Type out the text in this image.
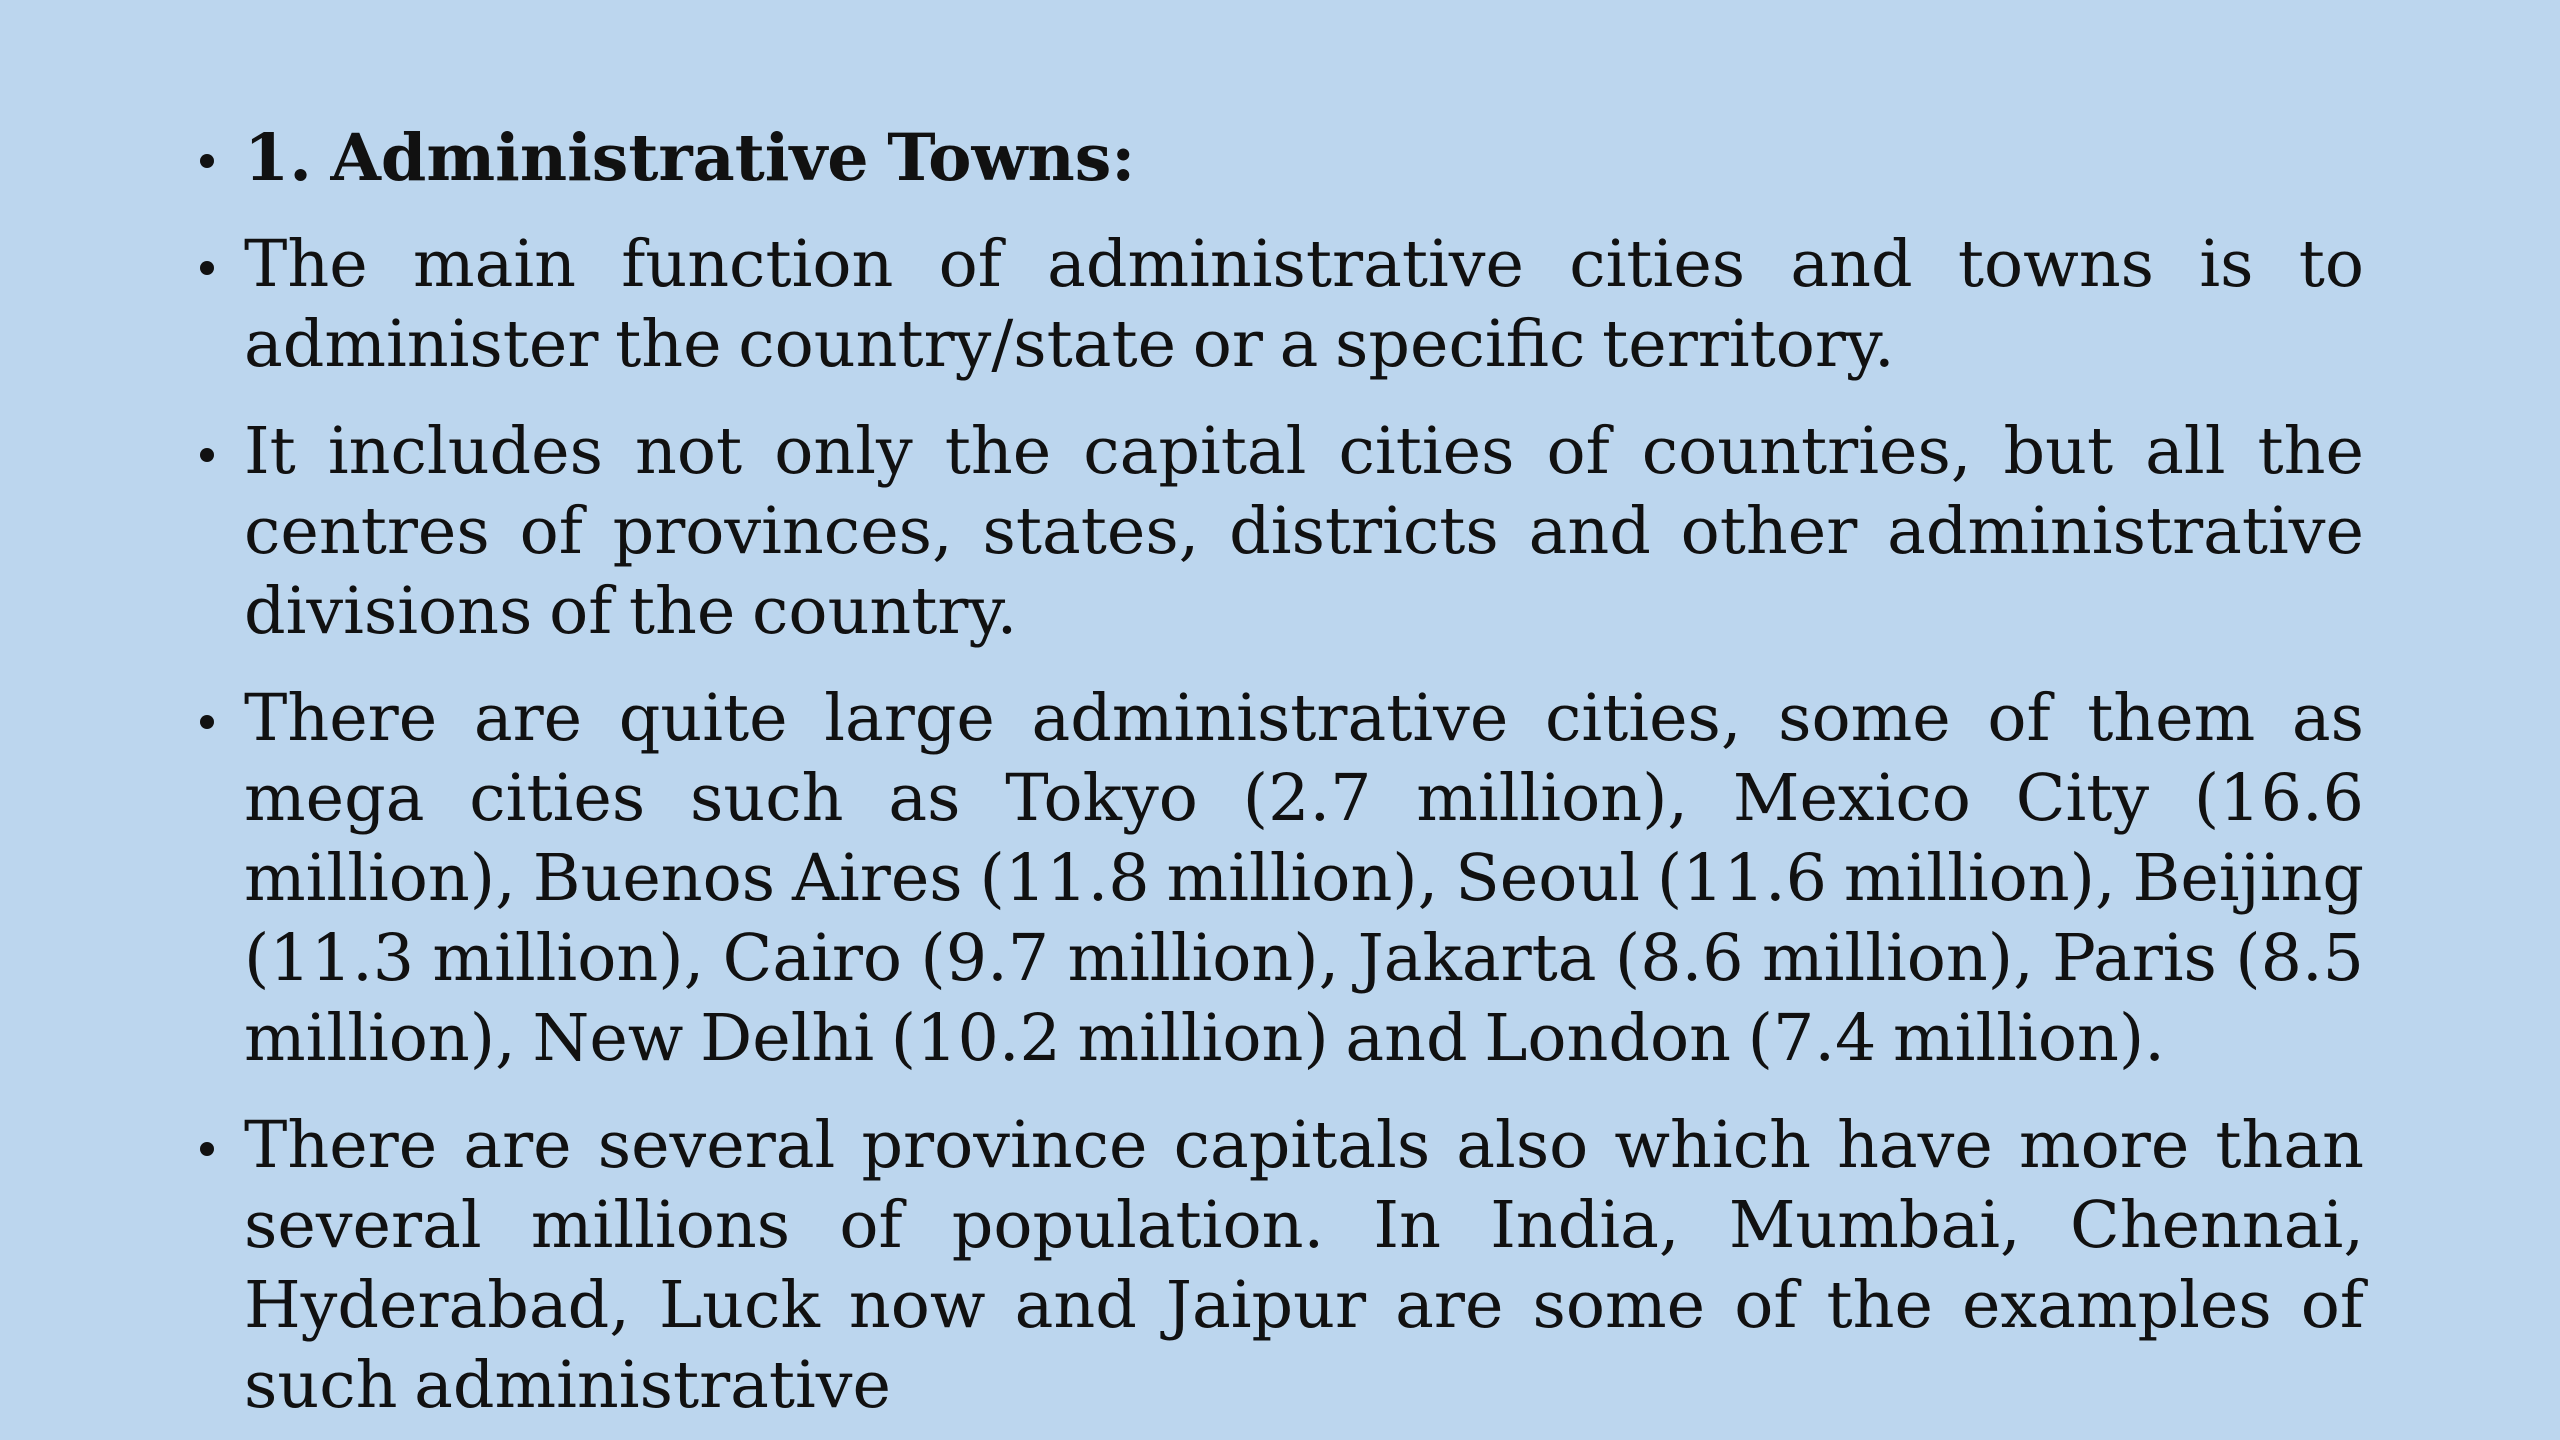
1. Administrative Towns:
The main function of administrative cities and towns is to administer the country/state or a specific territory.
It includes not only the capital cities of countries, but all the centres of provinces, states, districts and other administrative divisions of the country.
There are quite large administrative cities, some of them as mega cities such as Tokyo (2.7 million), Mexico City (16.6 million), Buenos Aires (11.8 million), Seoul (11.6 million), Beijing (11.3 million), Cairo (9.7 million), Jakarta (8.6 million), Paris (8.5 million), New Delhi (10.2 million) and London (7.4 million).
There are several province capitals also which have more than several millions of population. In India, Mumbai, Chennai, Hyderabad, Luck now and Jaipur are some of the examples of such administrative
